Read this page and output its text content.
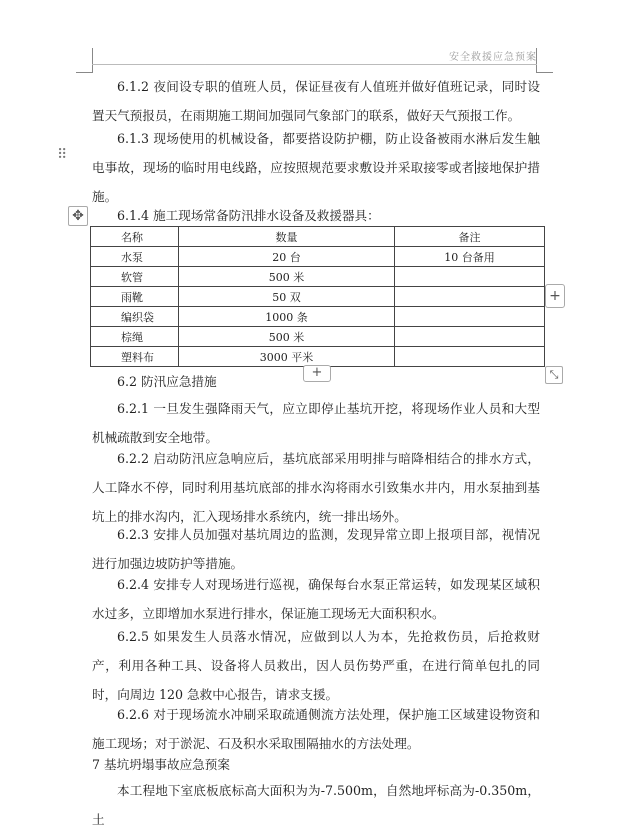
安全救援应急预案

6.1.2 夜间设专职的值班人员，保证昼夜有人值班并做好值班记录，同时设置天气预报员，在雨期施工期间加强同气象部门的联系，做好天气预报工作。

⠿

6.1.3 现场使用的机械设备，都要搭设防护棚，防止设备被雨水淋后发生触电事故，现场的临时用电线路，应按照规范要求敷设并采取接零或者 接地保护措施。

✥	6.1.4 施工现场常备防汛排水设备及救援器具：

名称	数量	备注
水泵	20 台	10 台备用
软管	500 米	
雨靴	50 双	
编织袋	1000 条	
棕绳	500 米	
塑料布	3000 平米	
+
+	⤡

6.2 防汛应急措施

6.2.1 一旦发生强降雨天气，应立即停止基坑开挖，将现场作业人员和大型机械疏散到安全地带。

6.2.2 启动防汛应急响应后，基坑底部采用明排与暗降相结合的排水方式，人工降水不停，同时利用基坑底部的排水沟将雨水引致集水井内，用水泵抽到基坑上的排水沟内，汇入现场排水系统内，统一排出场外。

6.2.3 安排人员加强对基坑周边的监测，发现异常立即上报项目部，视情况进行加强边坡防护等措施。

6.2.4 安排专人对现场进行巡视，确保每台水泵正常运转，如发现某区域积水过多，立即增加水泵进行排水，保证施工现场无大面积积水。

6.2.5 如果发生人员落水情况，应做到以人为本，先抢救伤员，后抢救财产，利用各种工具、设备将人员救出，因人员伤势严重，在进行简单包扎的同时，向周边 120 急救中心报告，请求支援。

6.2.6 对于现场流水冲刷采取疏通侧流方法处理，保护施工区域建设物资和施工现场；对于淤泥、石及积水采取围隔抽水的方法处理。

7 基坑坍塌事故应急预案

本工程地下室底板底标高大面积为为-7.500m，自然地坪标高为-0.350m，土
